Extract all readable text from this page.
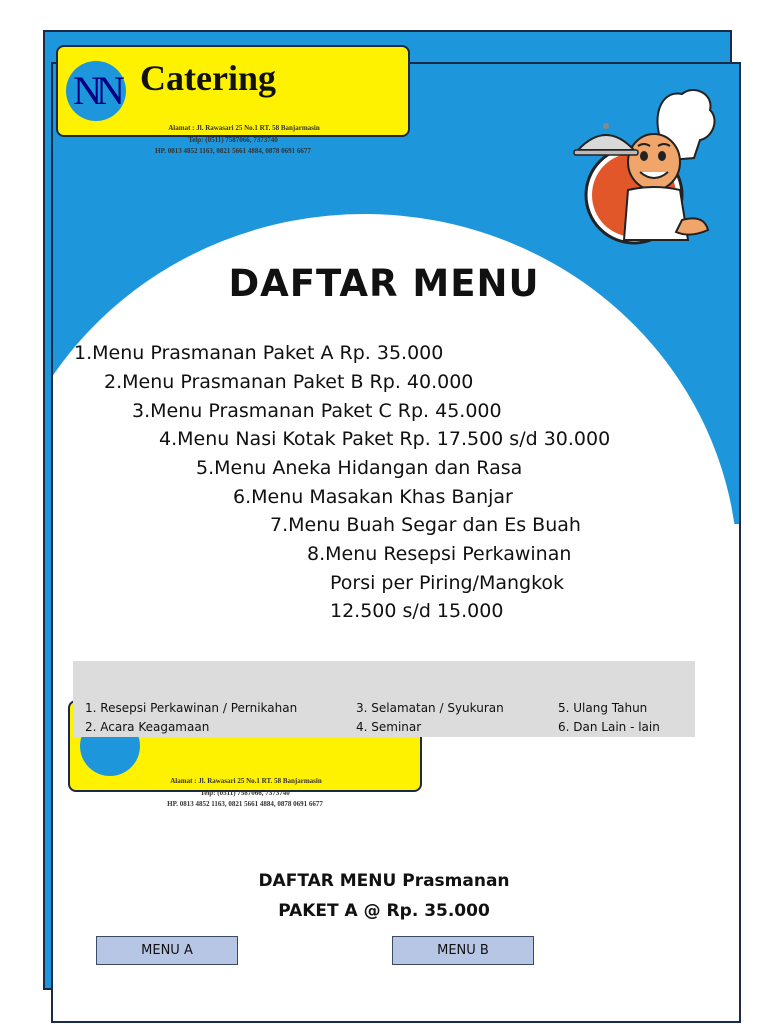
NN Catering
Alamat : Jl. Rawasari 25 No.1 RT. 58 Banjarmasin
Telp: (0511) 7587066, 7373740
HP. 0813 4852 1163, 0821 5661 4884, 0878 0691 6677
DAFTAR MENU
1.Menu Prasmanan Paket A Rp. 35.000
2.Menu Prasmanan Paket B Rp. 40.000
3.Menu Prasmanan Paket C Rp. 45.000
4.Menu Nasi Kotak Paket Rp. 17.500 s/d 30.000
5.Menu Aneka Hidangan dan Rasa
6.Menu Masakan Khas Banjar
7.Menu Buah Segar dan Es Buah
8.Menu Resepsi Perkawinan
Porsi per Piring/Mangkok
12.500 s/d 15.000
Alamat : Jl. Rawasari 25 No.1 RT. 58 Banjarmasin
Telp: (0511) 7587066, 7373740
HP. 0813 4852 1163, 0821 5661 4884, 0878 0691 6677
1. Resepsi Perkawinan / Pernikahan
2. Acara Keagamaan
3. Selamatan / Syukuran
4. Seminar
5. Ulang Tahun
6. Dan Lain - lain
DAFTAR MENU Prasmanan
PAKET A @ Rp. 35.000
MENU A	MENU B
